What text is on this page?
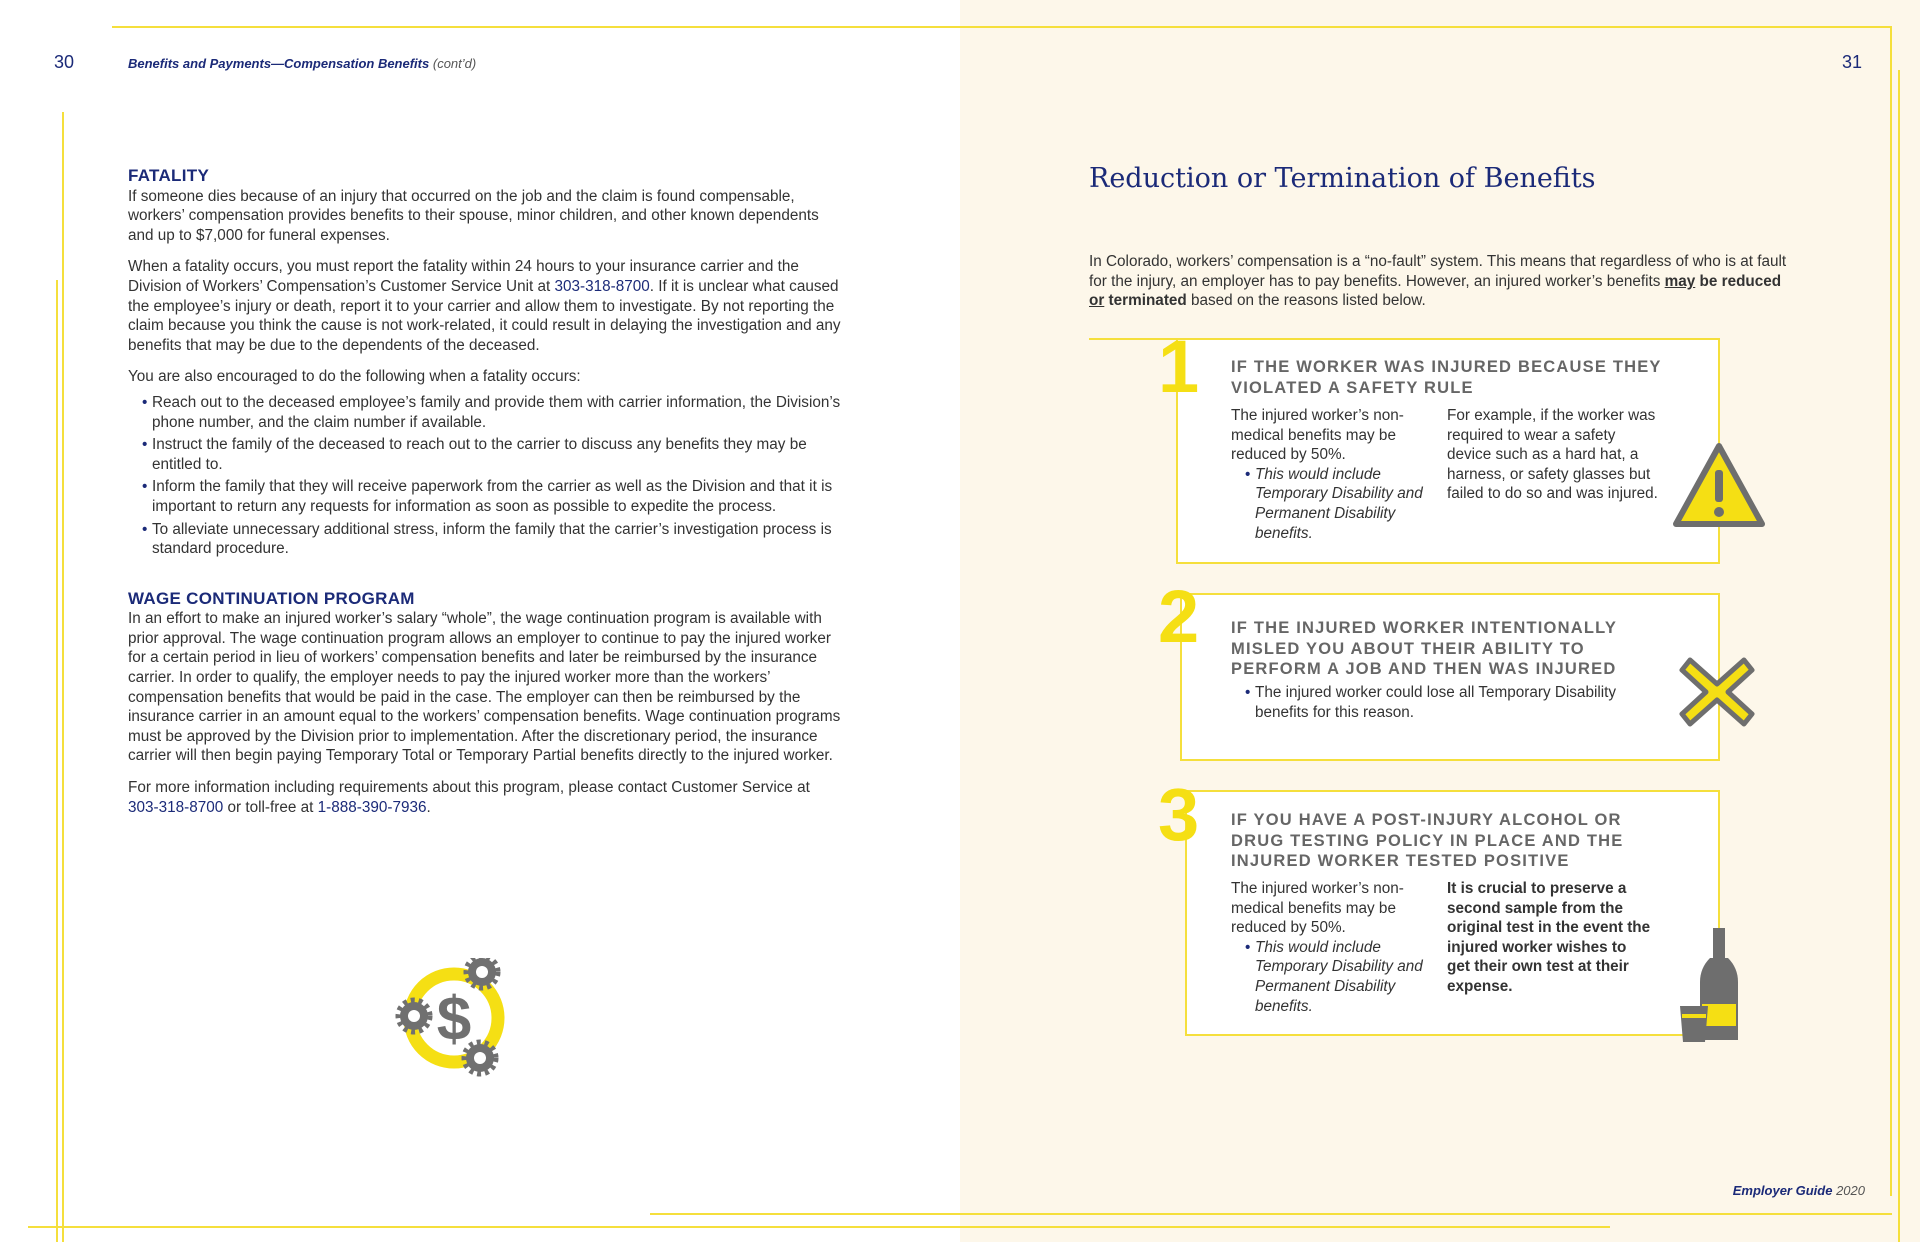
30	Benefits and Payments—Compensation Benefits (cont’d)
FATALITY

If someone dies because of an injury that occurred on the job and the claim is found compensable, workers’ compensation provides benefits to their spouse, minor children, and other known dependents and up to $7,000 for funeral expenses.

When a fatality occurs, you must report the fatality within 24 hours to your insurance carrier and the Division of Workers’ Compensation’s Customer Service Unit at 303-318-8700. If it is unclear what caused the employee’s injury or death, report it to your carrier and allow them to investigate. By not reporting the claim because you think the cause is not work-related, it could result in delaying the investigation and any benefits that may be due to the dependents of the deceased.

You are also encouraged to do the following when a fatality occurs:

• Reach out to the deceased employee’s family and provide them with carrier information, the Division’s phone number, and the claim number if available.
• Instruct the family of the deceased to reach out to the carrier to discuss any benefits they may be entitled to.
• Inform the family that they will receive paperwork from the carrier as well as the Division and that it is important to return any requests for information as soon as possible to expedite the process.
• To alleviate unnecessary additional stress, inform the family that the carrier’s investigation process is standard procedure.
WAGE CONTINUATION PROGRAM

In an effort to make an injured worker’s salary “whole”, the wage continuation program is available with prior approval. The wage continuation program allows an employer to continue to pay the injured worker for a certain period in lieu of workers’ compensation benefits and later be reimbursed by the insurance carrier. In order to qualify, the employer needs to pay the injured worker more than the workers’ compensation benefits that would be paid in the case. The employer can then be reimbursed by the insurance carrier in an amount equal to the workers’ compensation benefits. Wage continuation programs must be approved by the Division prior to implementation. After the discretionary period, the insurance carrier will then begin paying Temporary Total or Temporary Partial benefits directly to the injured worker.

For more information including requirements about this program, please contact Customer Service at 303-318-8700 or toll-free at 1-888-390-7936.

$
31
Reduction or Termination of Benefits
In Colorado, workers’ compensation is a “no-fault” system. This means that regardless of who is at fault for the injury, an employer has to pay benefits. However, an injured worker’s benefits may be reduced or terminated based on the reasons listed below.
1 IF THE WORKER WAS INJURED BECAUSE THEY VIOLATED A SAFETY RULE
The injured worker’s non-medical benefits may be reduced by 50%.
• This would include Temporary Disability and Permanent Disability benefits.
For example, if the worker was required to wear a safety device such as a hard hat, a harness, or safety glasses but failed to do so and was injured.
2 IF THE INJURED WORKER INTENTIONALLY MISLED YOU ABOUT THEIR ABILITY TO PERFORM A JOB AND THEN WAS INJURED
• The injured worker could lose all Temporary Disability benefits for this reason.
3 IF YOU HAVE A POST-INJURY ALCOHOL OR DRUG TESTING POLICY IN PLACE AND THE INJURED WORKER TESTED POSITIVE
The injured worker’s non-medical benefits may be reduced by 50%.
• This would include Temporary Disability and Permanent Disability benefits.
It is crucial to preserve a second sample from the original test in the event the injured worker wishes to get their own test at their expense.
Employer Guide 2020
